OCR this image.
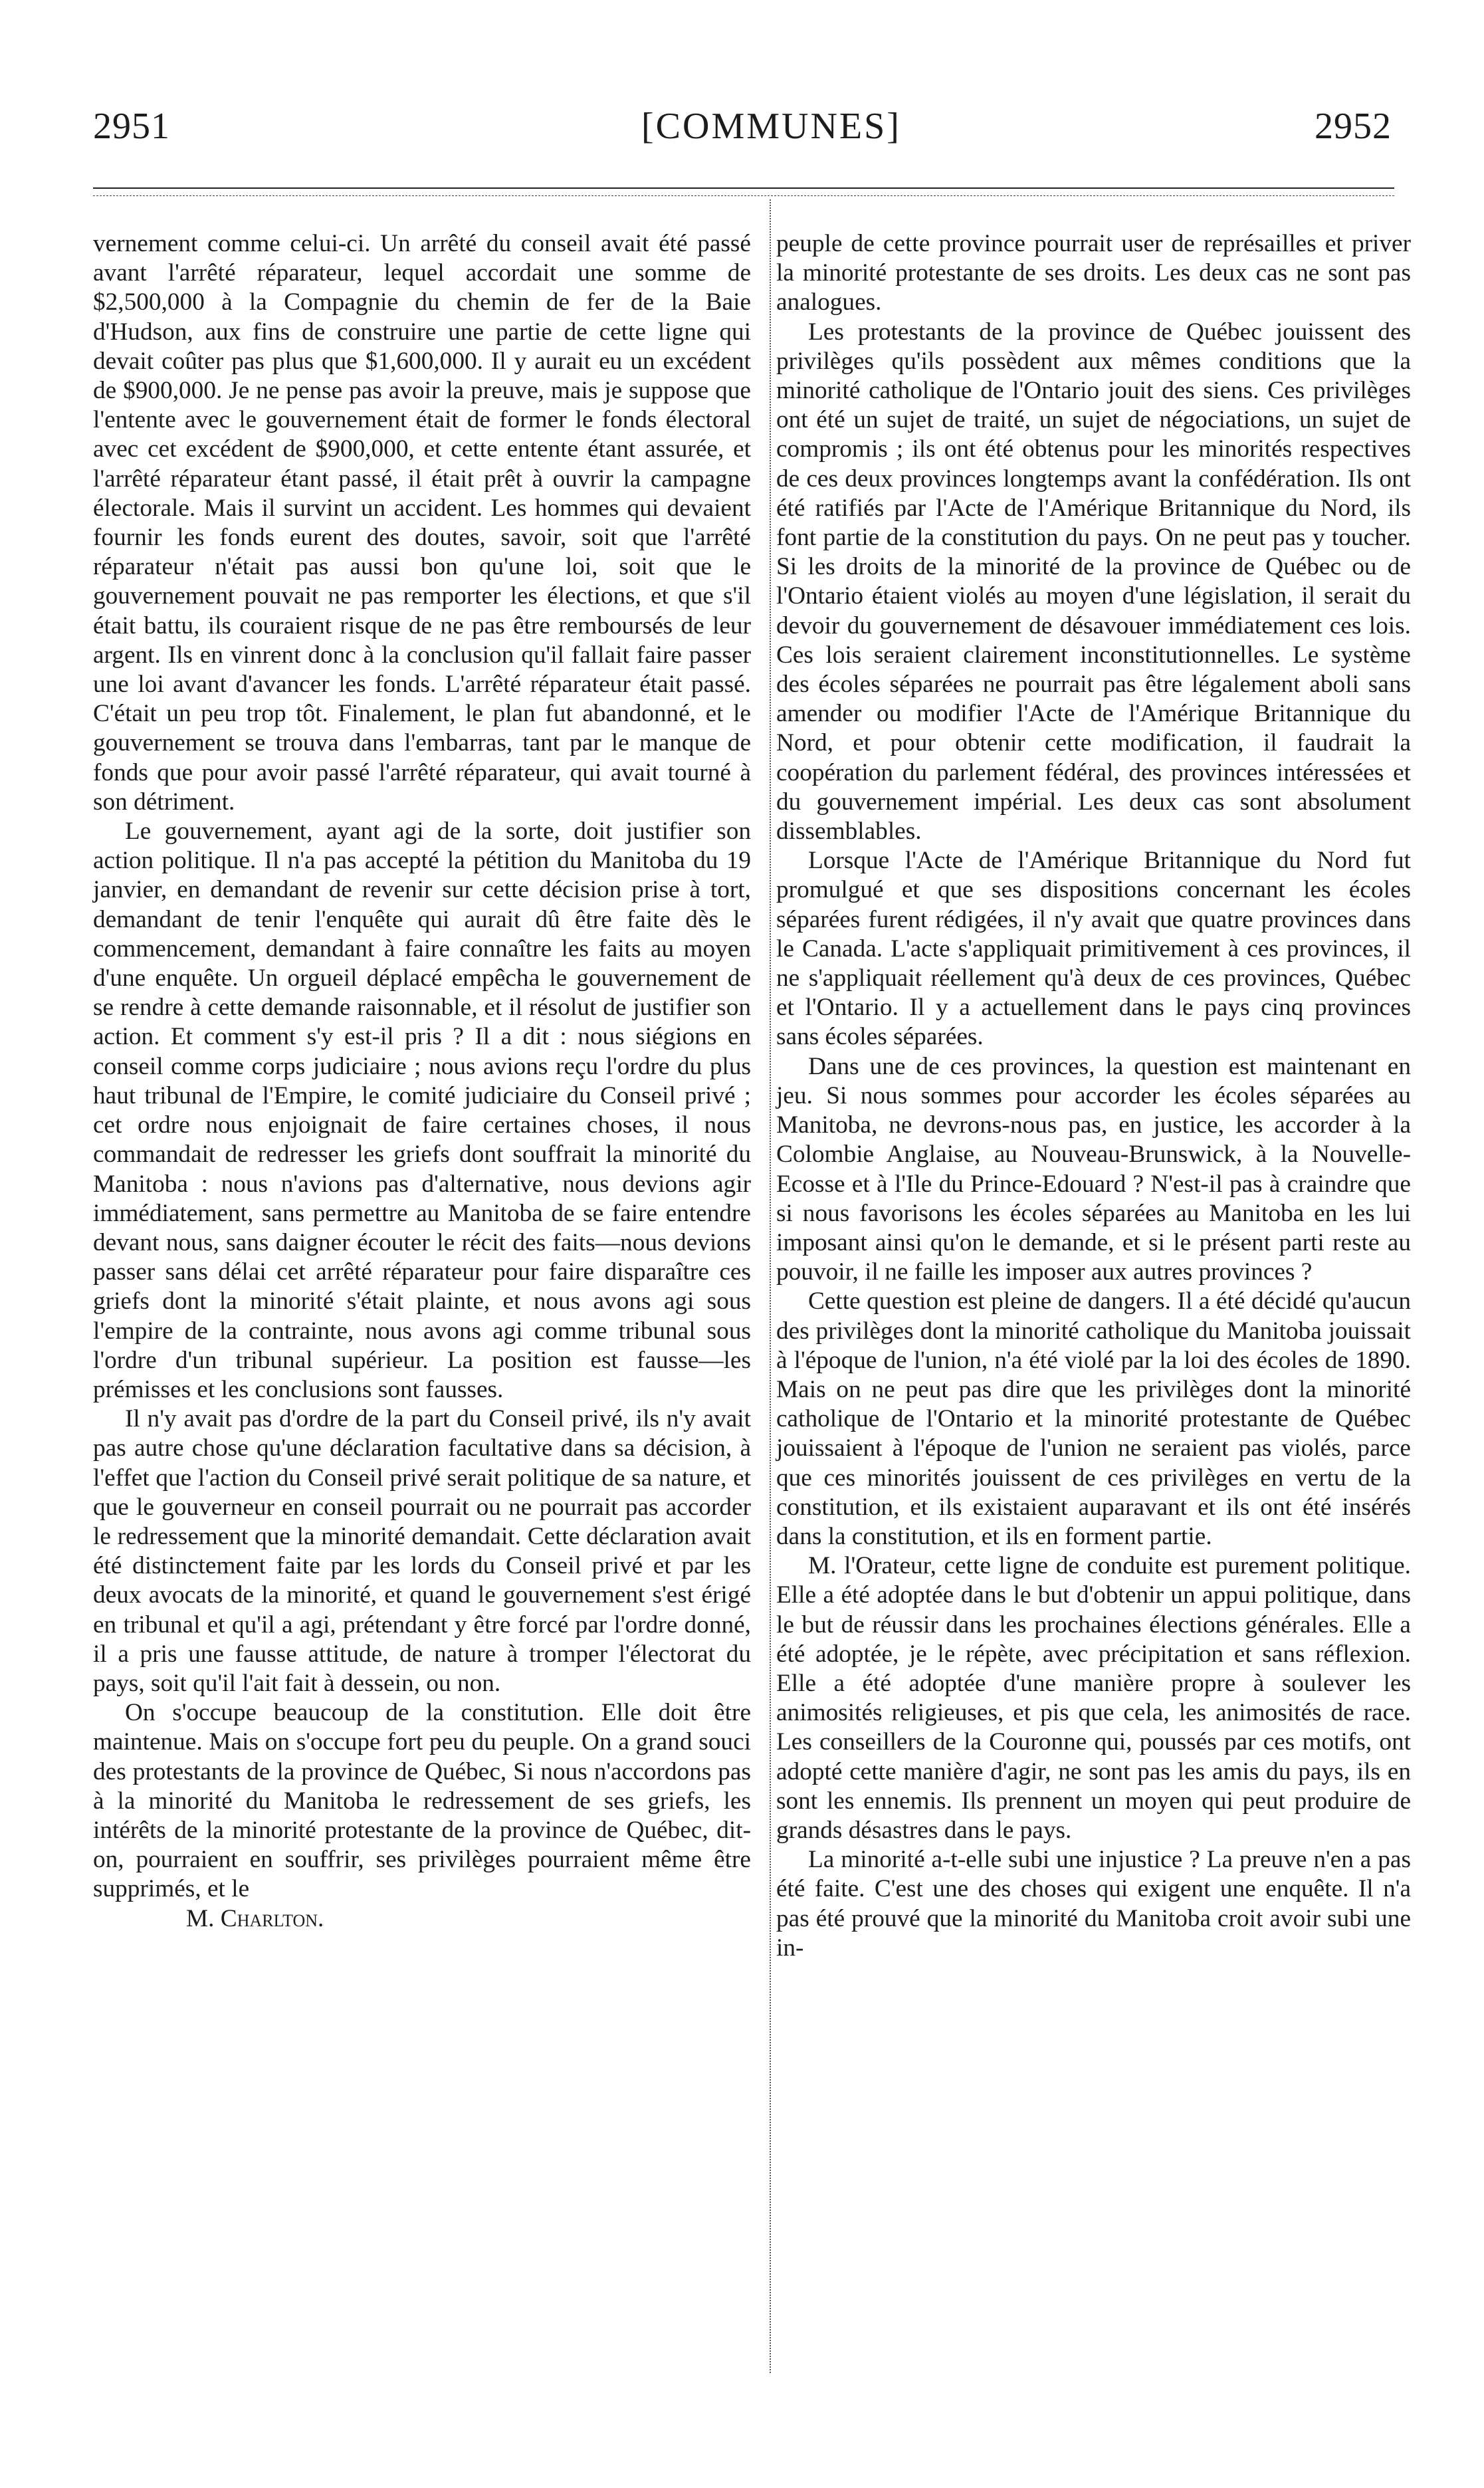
2951	[COMMUNES]	2952

vernement comme celui-ci. Un arrêté du conseil avait été passé avant l'arrêté réparateur, lequel accordait une somme de $2,500,000 à la Compagnie du chemin de fer de la Baie d'Hudson, aux fins de construire une partie de cette ligne qui devait coûter pas plus que $1,600,000. Il y aurait eu un excédent de $900,000. Je ne pense pas avoir la preuve, mais je suppose que l'entente avec le gouvernement était de former le fonds électoral avec cet excédent de $900,000, et cette entente étant assurée, et l'arrêté réparateur étant passé, il était prêt à ouvrir la campagne électorale. Mais il survint un accident. Les hommes qui devaient fournir les fonds eurent des doutes, savoir, soit que l'arrêté réparateur n'était pas aussi bon qu'une loi, soit que le gouvernement pouvait ne pas remporter les élections, et que s'il était battu, ils couraient risque de ne pas être remboursés de leur argent. Ils en vinrent donc à la conclusion qu'il fallait faire passer une loi avant d'avancer les fonds. L'arrêté réparateur était passé. C'était un peu trop tôt. Finalement, le plan fut abandonné, et le gouvernement se trouva dans l'embarras, tant par le manque de fonds que pour avoir passé l'arrêté réparateur, qui avait tourné à son détriment.

Le gouvernement, ayant agi de la sorte, doit justifier son action politique. Il n'a pas accepté la pétition du Manitoba du 19 janvier, en demandant de revenir sur cette décision prise à tort, demandant de tenir l'enquête qui aurait dû être faite dès le commencement, demandant à faire connaître les faits au moyen d'une enquête. Un orgueil déplacé empêcha le gouvernement de se rendre à cette demande raisonnable, et il résolut de justifier son action. Et comment s'y est-il pris ? Il a dit : nous siégions en conseil comme corps judiciaire ; nous avions reçu l'ordre du plus haut tribunal de l'Empire, le comité judiciaire du Conseil privé ; cet ordre nous enjoignait de faire certaines choses, il nous commandait de redresser les griefs dont souffrait la minorité du Manitoba : nous n'avions pas d'alternative, nous devions agir immédiatement, sans permettre au Manitoba de se faire entendre devant nous, sans daigner écouter le récit des faits—nous devions passer sans délai cet arrêté réparateur pour faire disparaître ces griefs dont la minorité s'était plainte, et nous avons agi sous l'empire de la contrainte, nous avons agi comme tribunal sous l'ordre d'un tribunal supérieur. La position est fausse—les prémisses et les conclusions sont fausses.

Il n'y avait pas d'ordre de la part du Conseil privé, ils n'y avait pas autre chose qu'une déclaration facultative dans sa décision, à l'effet que l'action du Conseil privé serait politique de sa nature, et que le gouverneur en conseil pourrait ou ne pourrait pas accorder le redressement que la minorité demandait. Cette déclaration avait été distinctement faite par les lords du Conseil privé et par les deux avocats de la minorité, et quand le gouvernement s'est érigé en tribunal et qu'il a agi, prétendant y être forcé par l'ordre donné, il a pris une fausse attitude, de nature à tromper l'électorat du pays, soit qu'il l'ait fait à dessein, ou non.

On s'occupe beaucoup de la constitution. Elle doit être maintenue. Mais on s'occupe fort peu du peuple. On a grand souci des protestants de la province de Québec, Si nous n'accordons pas à la minorité du Manitoba le redressement de ses griefs, les intérêts de la minorité protestante de la province de Québec, dit-on, pourraient en souffrir, ses privilèges pourraient même être supprimés, et le

M. Charlton.

peuple de cette province pourrait user de représailles et priver la minorité protestante de ses droits. Les deux cas ne sont pas analogues.

Les protestants de la province de Québec jouissent des privilèges qu'ils possèdent aux mêmes conditions que la minorité catholique de l'Ontario jouit des siens. Ces privilèges ont été un sujet de traité, un sujet de négociations, un sujet de compromis ; ils ont été obtenus pour les minorités respectives de ces deux provinces longtemps avant la confédération. Ils ont été ratifiés par l'Acte de l'Amérique Britannique du Nord, ils font partie de la constitution du pays. On ne peut pas y toucher. Si les droits de la minorité de la province de Québec ou de l'Ontario étaient violés au moyen d'une législation, il serait du devoir du gouvernement de désavouer immédiatement ces lois. Ces lois seraient clairement inconstitutionnelles. Le système des écoles séparées ne pourrait pas être légalement aboli sans amender ou modifier l'Acte de l'Amérique Britannique du Nord, et pour obtenir cette modification, il faudrait la coopération du parlement fédéral, des provinces intéressées et du gouvernement impérial. Les deux cas sont absolument dissemblables.

Lorsque l'Acte de l'Amérique Britannique du Nord fut promulgué et que ses dispositions concernant les écoles séparées furent rédigées, il n'y avait que quatre provinces dans le Canada. L'acte s'appliquait primitivement à ces provinces, il ne s'appliquait réellement qu'à deux de ces provinces, Québec et l'Ontario. Il y a actuellement dans le pays cinq provinces sans écoles séparées.

Dans une de ces provinces, la question est maintenant en jeu. Si nous sommes pour accorder les écoles séparées au Manitoba, ne devrons-nous pas, en justice, les accorder à la Colombie Anglaise, au Nouveau-Brunswick, à la Nouvelle-Ecosse et à l'Ile du Prince-Edouard ? N'est-il pas à craindre que si nous favorisons les écoles séparées au Manitoba en les lui imposant ainsi qu'on le demande, et si le présent parti reste au pouvoir, il ne faille les imposer aux autres provinces ?

Cette question est pleine de dangers. Il a été décidé qu'aucun des privilèges dont la minorité catholique du Manitoba jouissait à l'époque de l'union, n'a été violé par la loi des écoles de 1890. Mais on ne peut pas dire que les privilèges dont la minorité catholique de l'Ontario et la minorité protestante de Québec jouissaient à l'époque de l'union ne seraient pas violés, parce que ces minorités jouissent de ces privilèges en vertu de la constitution, et ils existaient auparavant et ils ont été insérés dans la constitution, et ils en forment partie.

M. l'Orateur, cette ligne de conduite est purement politique. Elle a été adoptée dans le but d'obtenir un appui politique, dans le but de réussir dans les prochaines élections générales. Elle a été adoptée, je le répète, avec précipitation et sans réflexion. Elle a été adoptée d'une manière propre à soulever les animosités religieuses, et pis que cela, les animosités de race. Les conseillers de la Couronne qui, poussés par ces motifs, ont adopté cette manière d'agir, ne sont pas les amis du pays, ils en sont les ennemis. Ils prennent un moyen qui peut produire de grands désastres dans le pays.

La minorité a-t-elle subi une injustice ? La preuve n'en a pas été faite. C'est une des choses qui exigent une enquête. Il n'a pas été prouvé que la minorité du Manitoba croit avoir subi une in-
